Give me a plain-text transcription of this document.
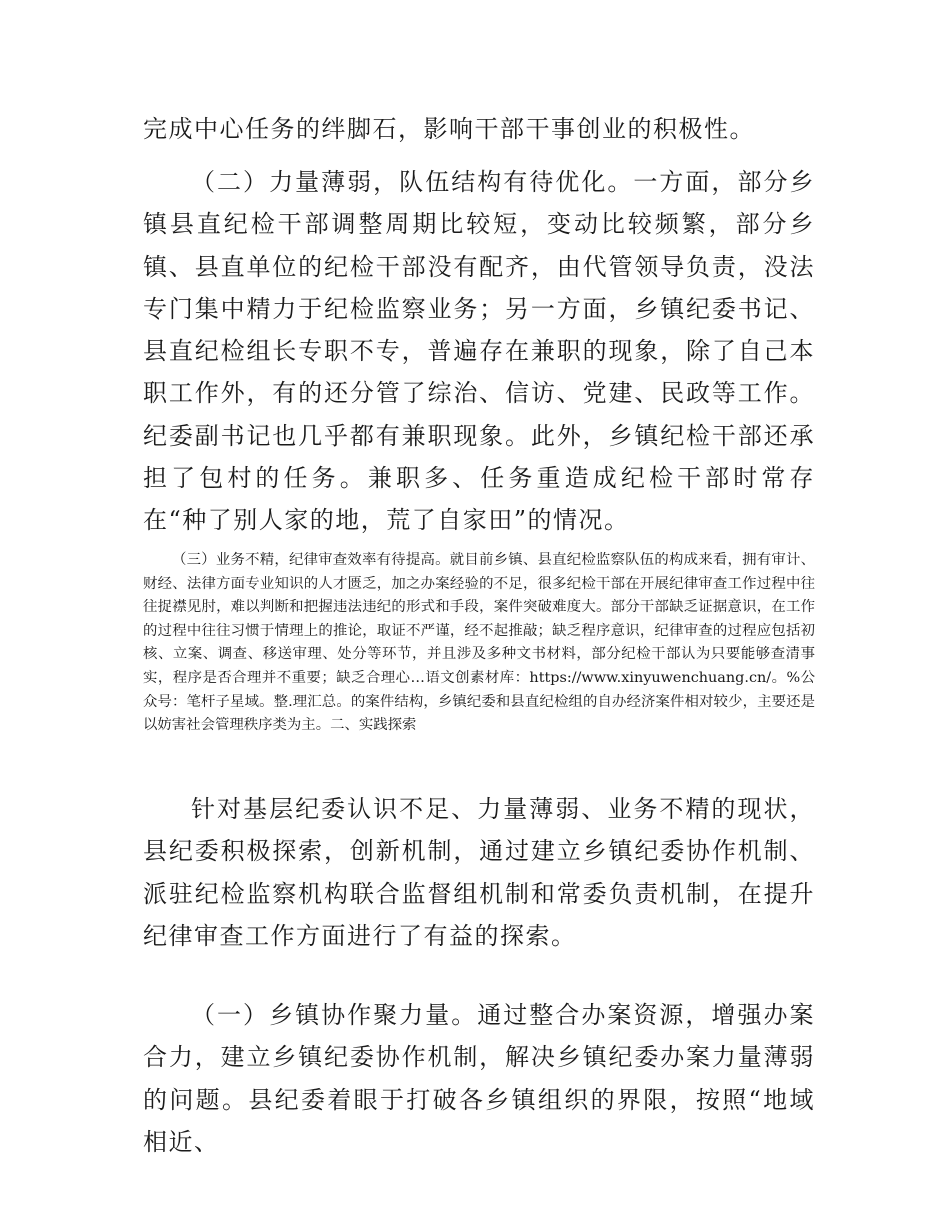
完成中心任务的绊脚石，影响干部干事创业的积极性。

（二）力量薄弱，队伍结构有待优化。一方面，部分乡镇县直纪检干部调整周期比较短，变动比较频繁，部分乡镇、县直单位的纪检干部没有配齐，由代管领导负责，没法专门集中精力于纪检监察业务；另一方面，乡镇纪委书记、县直纪检组长专职不专，普遍存在兼职的现象，除了自己本职工作外，有的还分管了综治、信访、党建、民政等工作。纪委副书记也几乎都有兼职现象。此外，乡镇纪检干部还承担了包村的任务。兼职多、任务重造成纪检干部时常存在“种了别人家的地，荒了自家田”的情况。

（三）业务不精，纪律审查效率有待提高。就目前乡镇、县直纪检监察队伍的构成来看，拥有审计、财经、法律方面专业知识的人才匮乏，加之办案经验的不足，很多纪检干部在开展纪律审查工作过程中往往捉襟见肘，难以判断和把握违法违纪的形式和手段，案件突破难度大。部分干部缺乏证据意识，在工作的过程中往往习惯于情理上的推论，取证不严谨，经不起推敲；缺乏程序意识，纪律审查的过程应包括初核、立案、调查、移送审理、处分等环节，并且涉及多种文书材料，部分纪检干部认为只要能够查清事实，程序是否合理并不重要；缺乏合理心…语文创素材库：https://www.xinyuwenchuang.cn/。%公众号：笔杆子星域。整.理汇总。的案件结构，乡镇纪委和县直纪检组的自办经济案件相对较少，主要还是以妨害社会管理秩序类为主。二、实践探索

针对基层纪委认识不足、力量薄弱、业务不精的现状，县纪委积极探索，创新机制，通过建立乡镇纪委协作机制、派驻纪检监察机构联合监督组机制和常委负责机制，在提升纪律审查工作方面进行了有益的探索。

（一）乡镇协作聚力量。通过整合办案资源，增强办案合力，建立乡镇纪委协作机制，解决乡镇纪委办案力量薄弱的问题。县纪委着眼于打破各乡镇组织的界限，按照“地域相近、
